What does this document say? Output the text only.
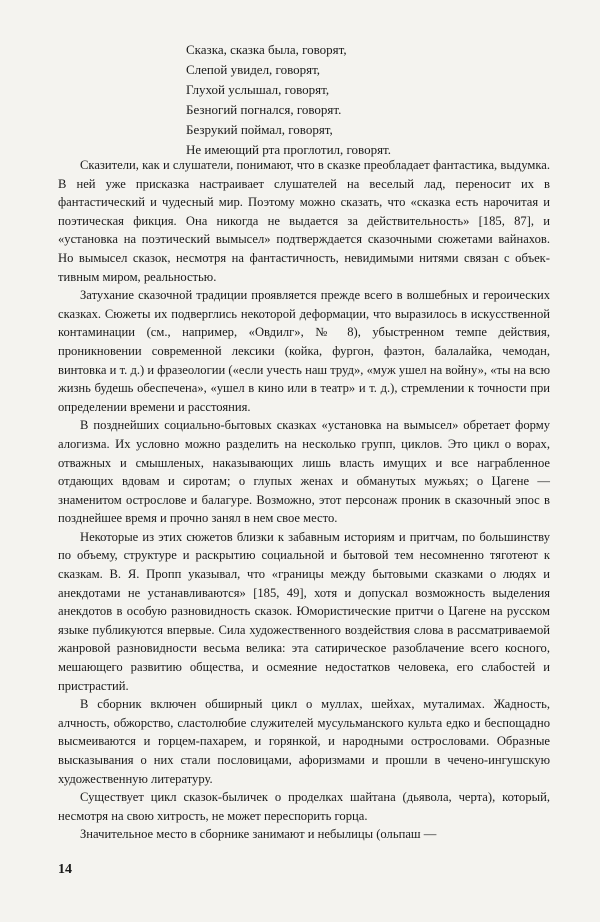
Сказка, сказка была, говорят,
Слепой увидел, говорят,
Глухой услышал, говорят,
Безногий погнался, говорят.
Безрукий поймал, говорят,
Не имеющий рта проглотил, говорят.

Сказители, как и слушатели, понимают, что в сказке преобладает фантастика, выдумка. В ней уже присказка настраивает слушателей на веселый лад, переносит их в фантастический и чудесный мир. Поэтому можно сказать, что «сказка есть нарочитая и поэтическая фикция. Она никогда не выдается за действительность» [185, 87], и «установка на поэтический вымысел» подтверждается сказочными сюжетами вайнахов. Но вымысел сказок, несмотря на фантастичность, невидимыми нитями связан с объективным миром, реальностью.

Затухание сказочной традиции проявляется прежде всего в волшебных и героических сказках. Сюжеты их подверглись некоторой деформации, что выразилось в искусственной контаминации (см., например, «Овдилг», № 8), убыстренном темпе действия, проникновении современной лексики (койка, фургон, фаэтон, балалайка, чемодан, винтовка и т. д.) и фразеологии («если учесть наш труд», «муж ушел на войну», «ты на всю жизнь будешь обеспечена», «ушел в кино или в театр» и т. д.), стремлении к точности при определении времени и расстояния.

В позднейших социально-бытовых сказках «установка на вымысел» обретает форму алогизма. Их условно можно разделить на несколько групп, циклов. Это цикл о ворах, отважных и смышленых, наказывающих лишь власть имущих и все награбленное отдающих вдовам и сиротам; о глупых женах и обманутых мужьях; о Цагене — знаменитом острослове и балагуре. Возможно, этот персонаж проник в сказочный эпос в позднейшее время и прочно занял в нем свое место.

Некоторые из этих сюжетов близки к забавным историям и притчам, по большинству по объему, структуре и раскрытию социальной и бытовой тем несомненно тяготеют к сказкам. В. Я. Пропп указывал, что «границы между бытовыми сказками о людях и анекдотами не устанавливаются» [185, 49], хотя и допускал возможность выделения анекдотов в особую разновидность сказок. Юмористические притчи о Цагене на русском языке публикуются впервые. Сила художественного воздействия слова в рассматриваемой жанровой разновидности весьма велика: эта сатирическое разоблачение всего косного, мешающего развитию общества, и осмеяние недостатков человека, его слабостей и пристрастий.

В сборник включен обширный цикл о муллах, шейхах, муталимах. Жадность, алчность, обжорство, сластолюбие служителей мусульманского культа едко и беспощадно высмеиваются и горцем-пахарем, и горянкой, и народными острословами. Образные высказывания о них стали пословицами, афоризмами и прошли в чечено-ингушскую художественную литературу.

Существует цикл сказок-быличек о проделках шайтана (дьявола, черта), который, несмотря на свою хитрость, не может переспорить горца.

Значительное место в сборнике занимают и небылицы (ольпаш —

14
